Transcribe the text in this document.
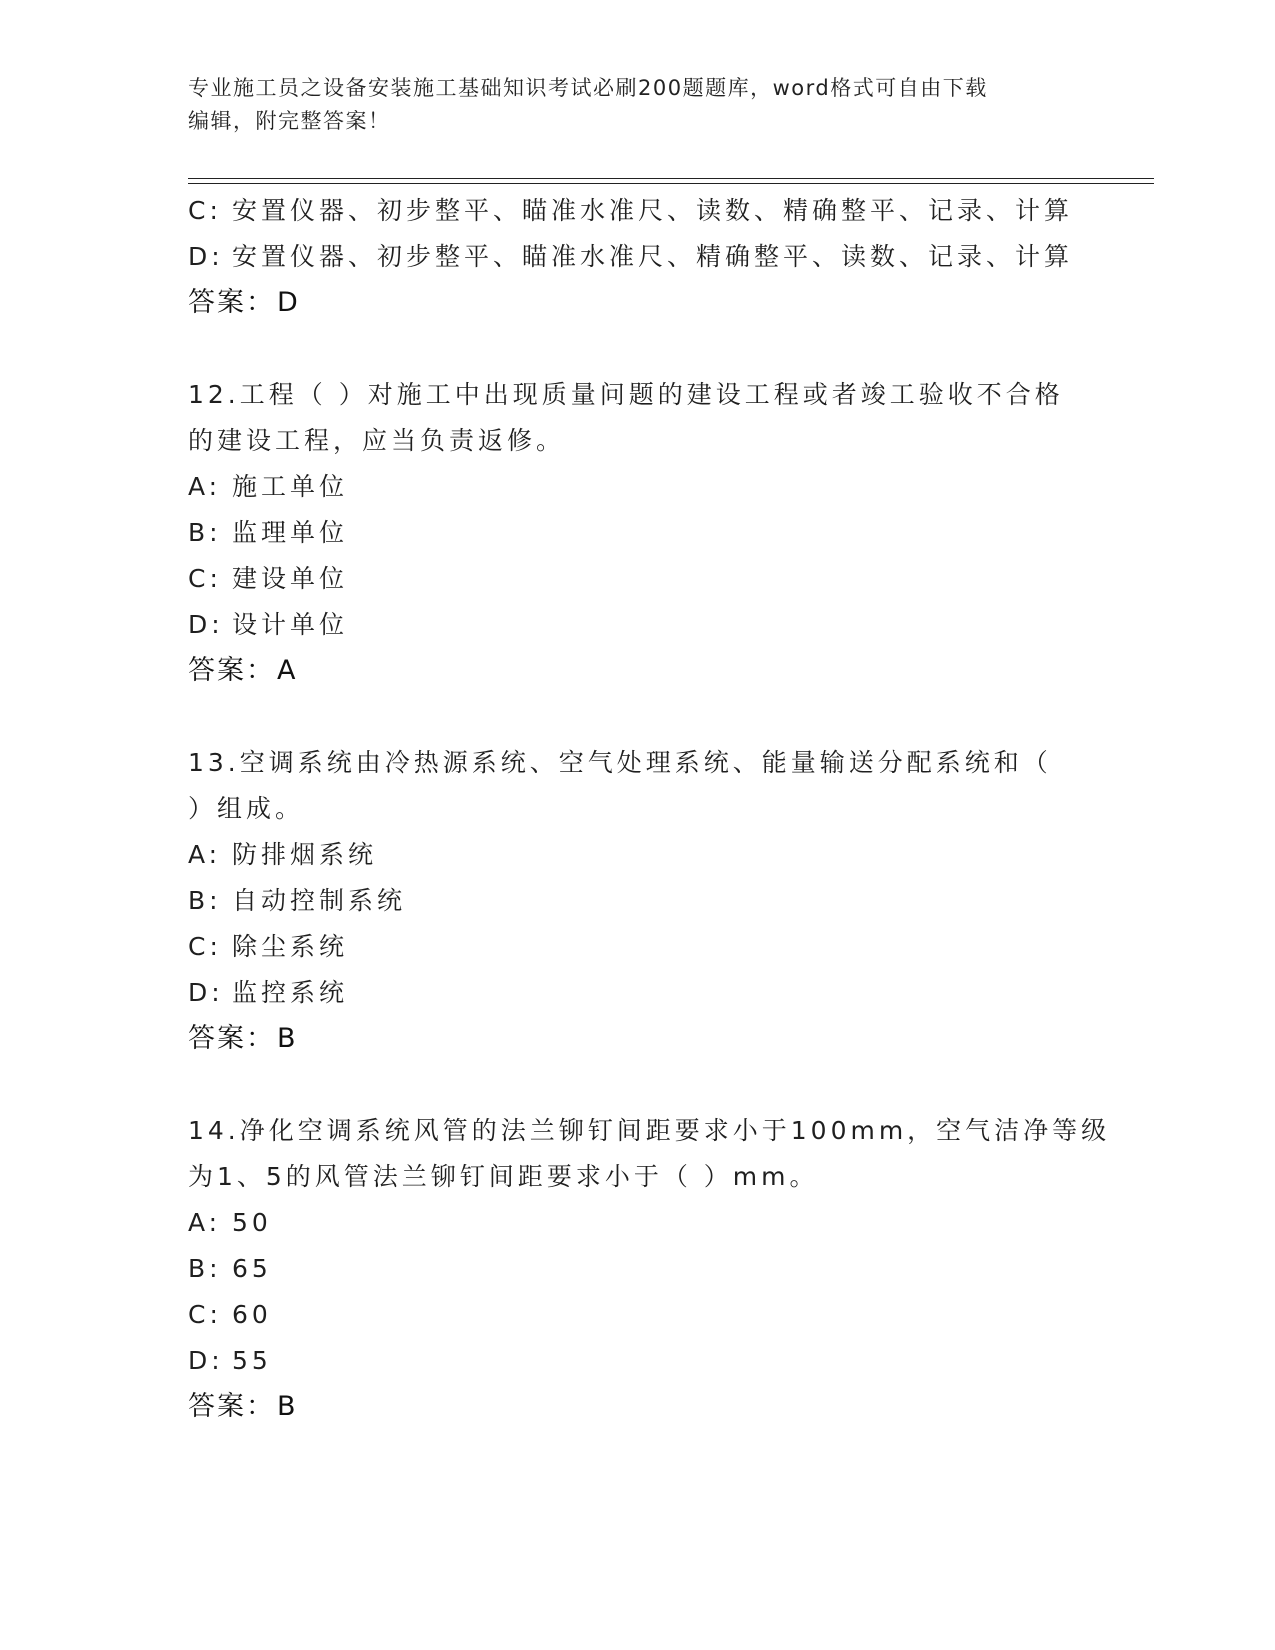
专业施工员之设备安装施工基础知识考试必刷200题题库，word格式可自由下载
编辑，附完整答案！
C: 安置仪器、初步整平、瞄准水准尺、读数、精确整平、记录、计算
D: 安置仪器、初步整平、瞄准水准尺、精确整平、读数、记录、计算
答案：D
12.工程（ ）对施工中出现质量问题的建设工程或者竣工验收不合格
的建设工程，应当负责返修。
A: 施工单位
B: 监理单位
C: 建设单位
D: 设计单位
答案：A
13.空调系统由冷热源系统、空气处理系统、能量输送分配系统和（
）组成。
A: 防排烟系统
B: 自动控制系统
C: 除尘系统
D: 监控系统
答案：B
14.净化空调系统风管的法兰铆钉间距要求小于100mm，空气洁净等级
为1、5的风管法兰铆钉间距要求小于（ ）mm。
A: 50
B: 65
C: 60
D: 55
答案：B
